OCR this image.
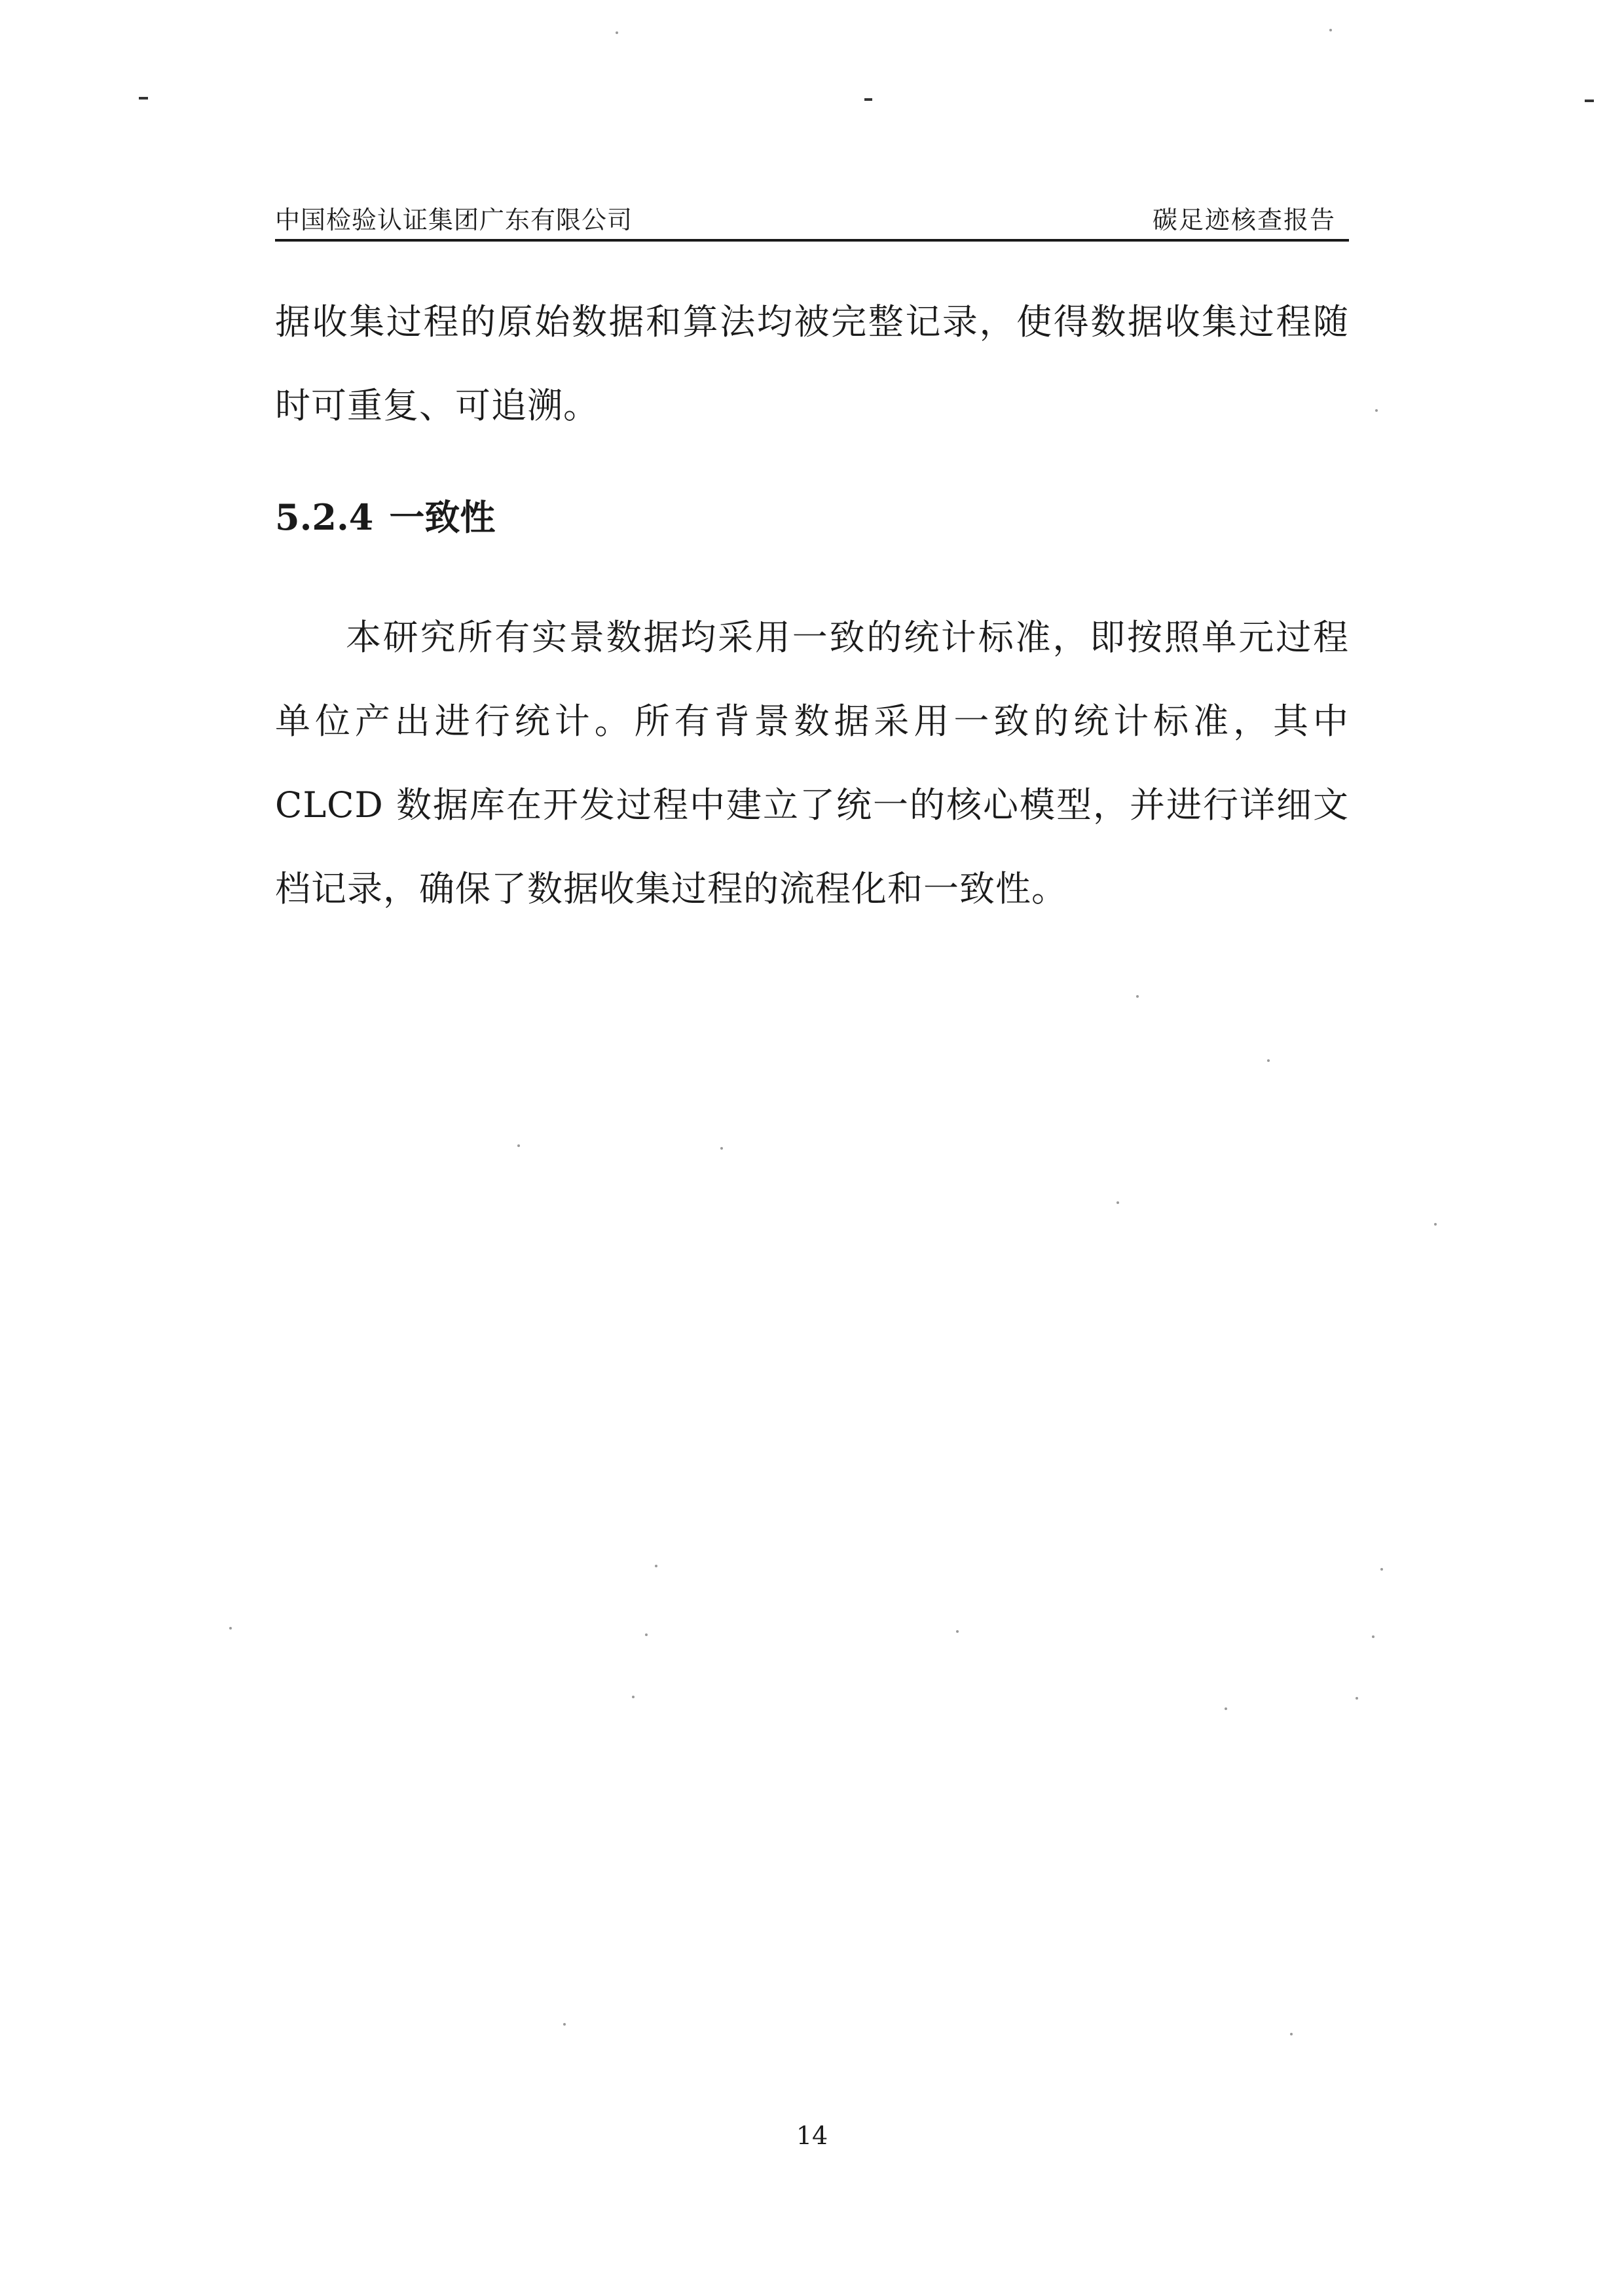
中国检验认证集团广东有限公司	碳足迹核查报告

据收集过程的原始数据和算法均被完整记录，使得数据收集过程随时可重复、可追溯。

5.2.4 一致性

本研究所有实景数据均采用一致的统计标准，即按照单元过程单位产出进行统计。所有背景数据采用一致的统计标准，其中 CLCD 数据库在开发过程中建立了统一的核心模型，并进行详细文档记录，确保了数据收集过程的流程化和一致性。

14
